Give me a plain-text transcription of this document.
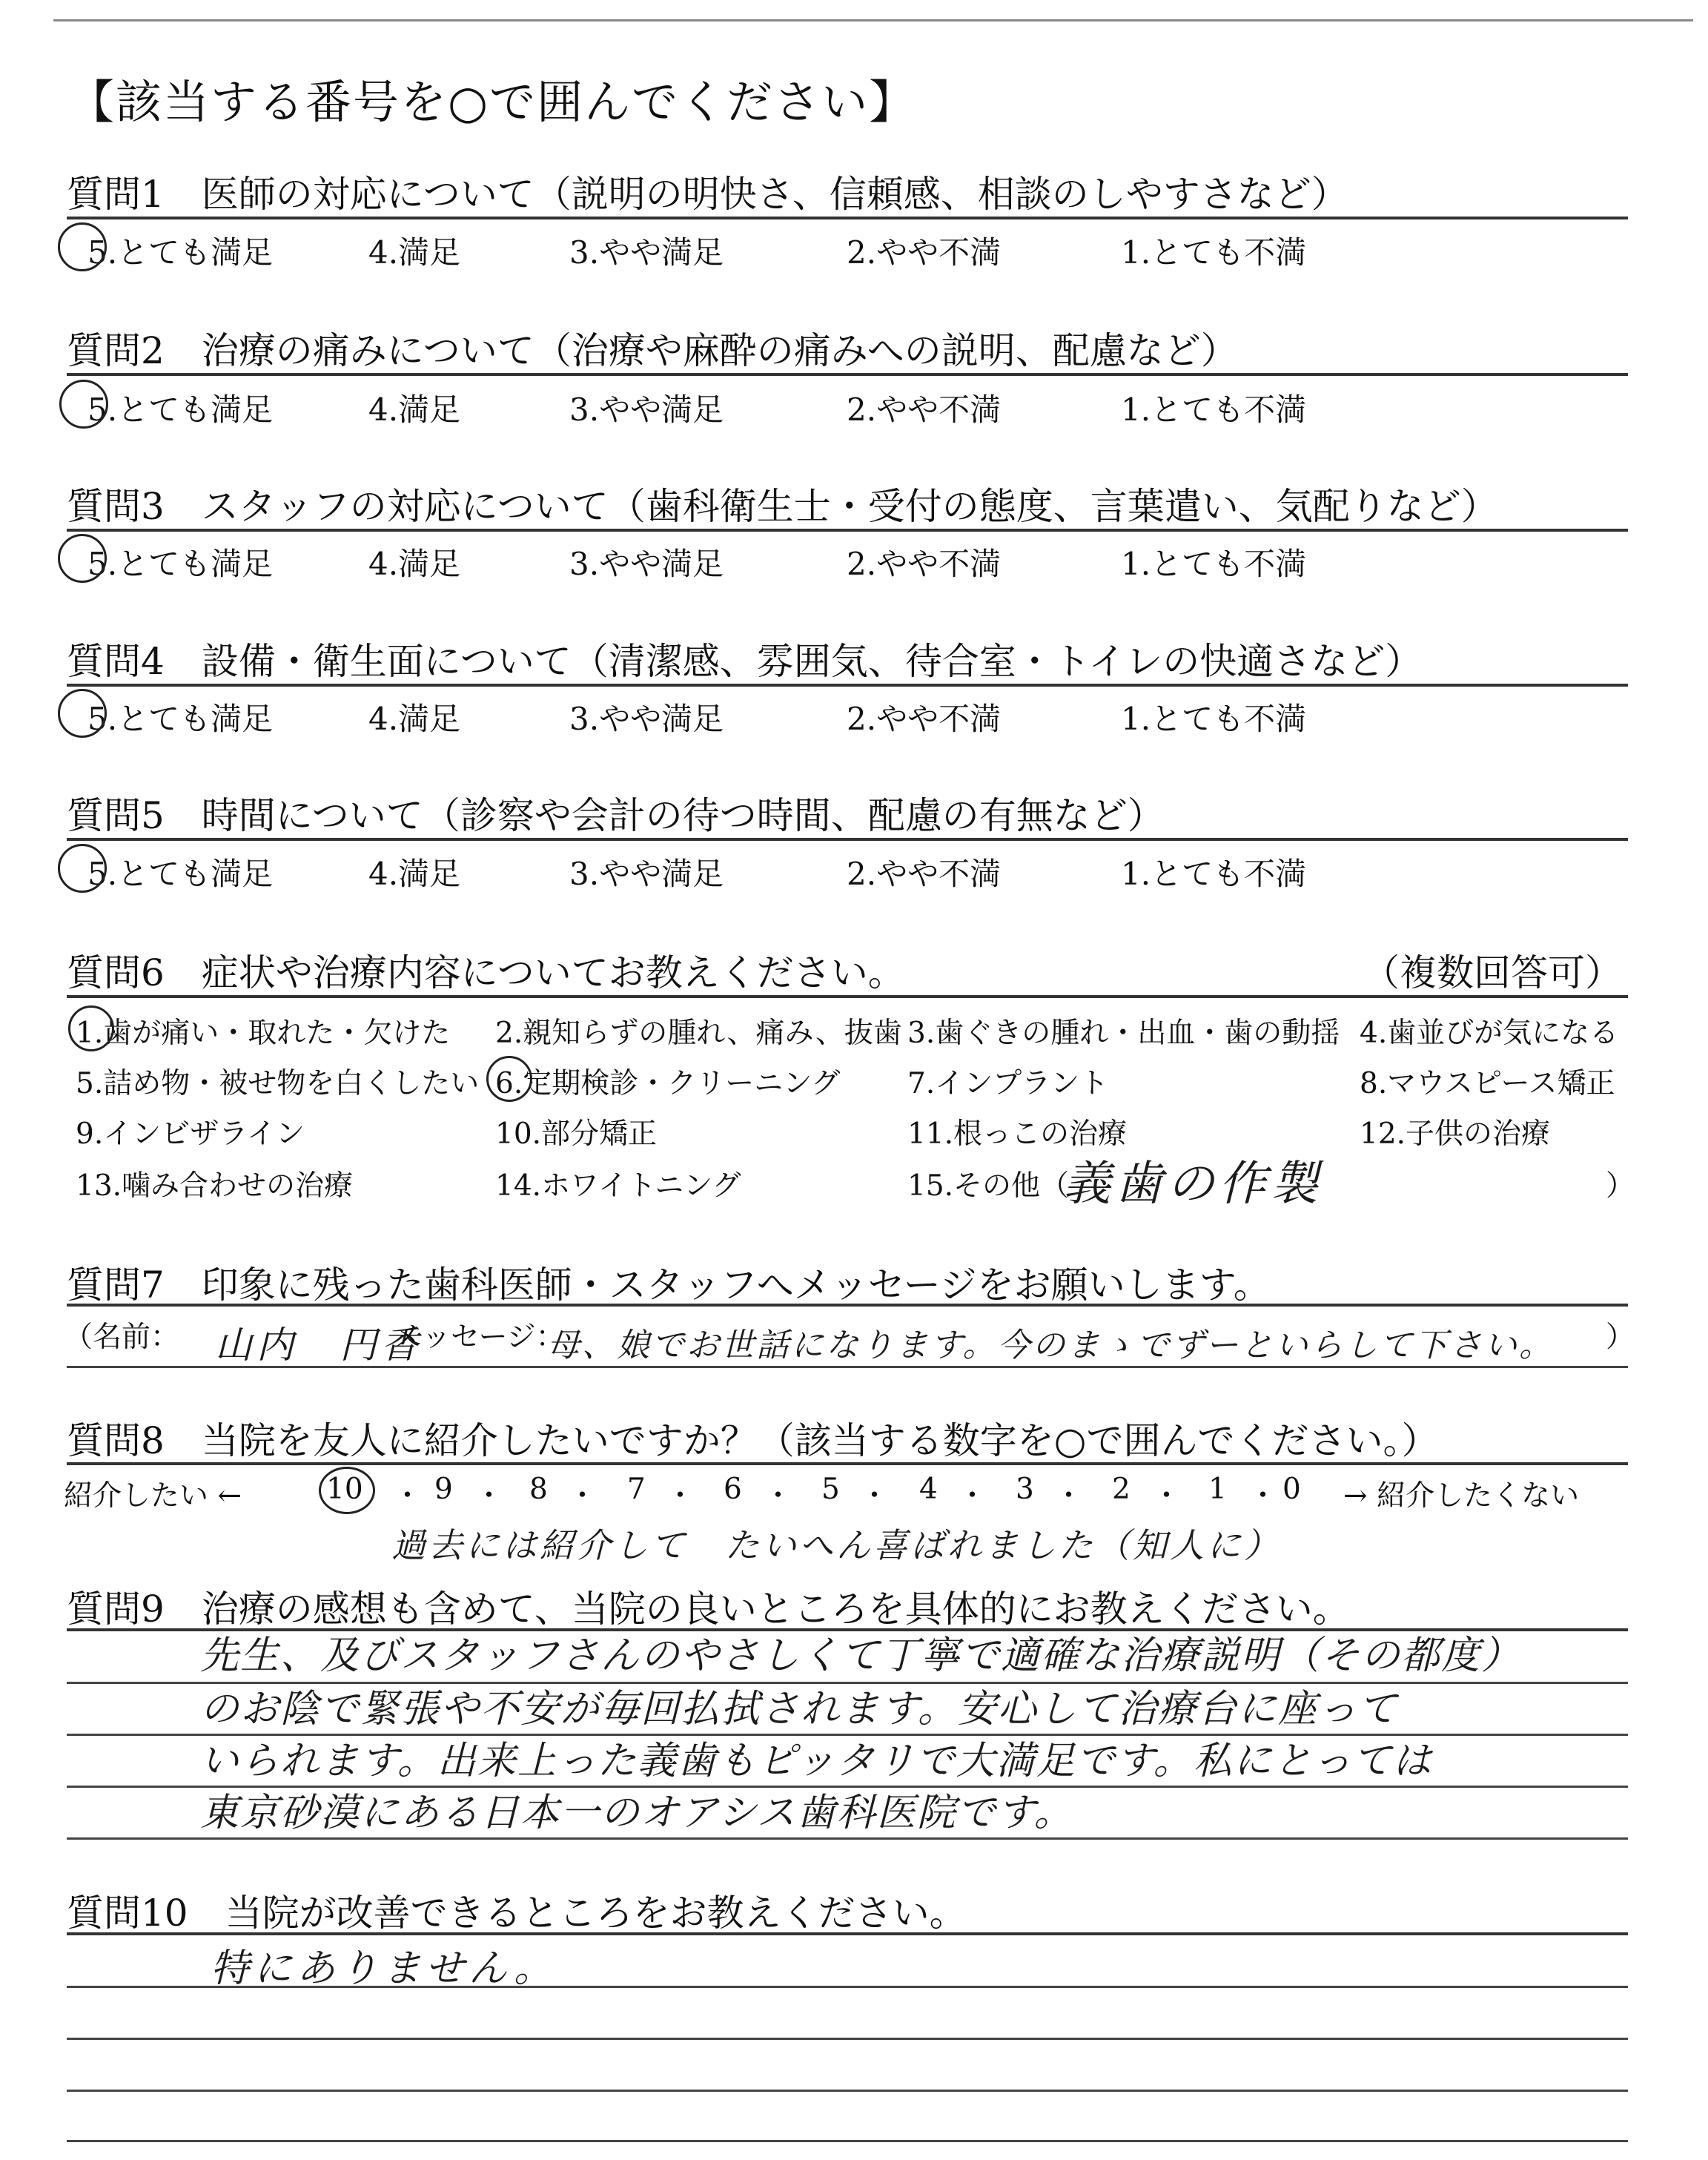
【該当する番号を○で囲んでください】
質問1　医師の対応について（説明の明快さ、信頼感、相談のしやすさなど）
5.とても満足	4.満足	3.やや満足	2.やや不満	1.とても不満
質問2　治療の痛みについて（治療や麻酔の痛みへの説明、配慮など）
5.とても満足	4.満足	3.やや満足	2.やや不満	1.とても不満
質問3　スタッフの対応について（歯科衛生士・受付の態度、言葉遣い、気配りなど）
5.とても満足	4.満足	3.やや満足	2.やや不満	1.とても不満
質問4　設備・衛生面について（清潔感、雰囲気、待合室・トイレの快適さなど）
5.とても満足	4.満足	3.やや満足	2.やや不満	1.とても不満
質問5　時間について（診察や会計の待つ時間、配慮の有無など）
5.とても満足	4.満足	3.やや満足	2.やや不満	1.とても不満
質問6　症状や治療内容についてお教えください。	（複数回答可）
1.歯が痛い・取れた・欠けた 2.親知らずの腫れ、痛み、抜歯 3.歯ぐきの腫れ・出血・歯の動揺 4.歯並びが気になる
5.詰め物・被せ物を白くしたい 6.定期検診・クリーニング 7.インプラント	8.マウスピース矯正
9.インビザライン	10.部分矯正	11.根っこの治療	12.子供の治療
13.噛み合わせの治療	14.ホワイトニング	15.その他（
義歯の作製	）
質問7　印象に残った歯科医師・スタッフへメッセージをお願いします。
（名前： 山内　円香
メッセージ：
母、娘でお世話になります。今のまゝでずーといらして下さい。 ）
質問8　当院を友人に紹介したいですか？（該当する数字を○で囲んでください。）
紹介したい ←	10 ・ 9 ・ 8 ・ 7 ・ 6 ・ 5 ・ 4 ・ 3 ・ 2 ・ 1 ・ 0 → 紹介したくない
過去には紹介して　たいへん喜ばれました（知人に）
質問9　治療の感想も含めて、当院の良いところを具体的にお教えください。
先生、及びスタッフさんのやさしくて丁寧で適確な治療説明（その都度）
のお陰で緊張や不安が毎回払拭されます。安心して治療台に座って
いられます。出来上った義歯もピッタリで大満足です。私にとっては
東京砂漠にある日本一のオアシス歯科医院です。
質問10　当院が改善できるところをお教えください。
特にありません。
